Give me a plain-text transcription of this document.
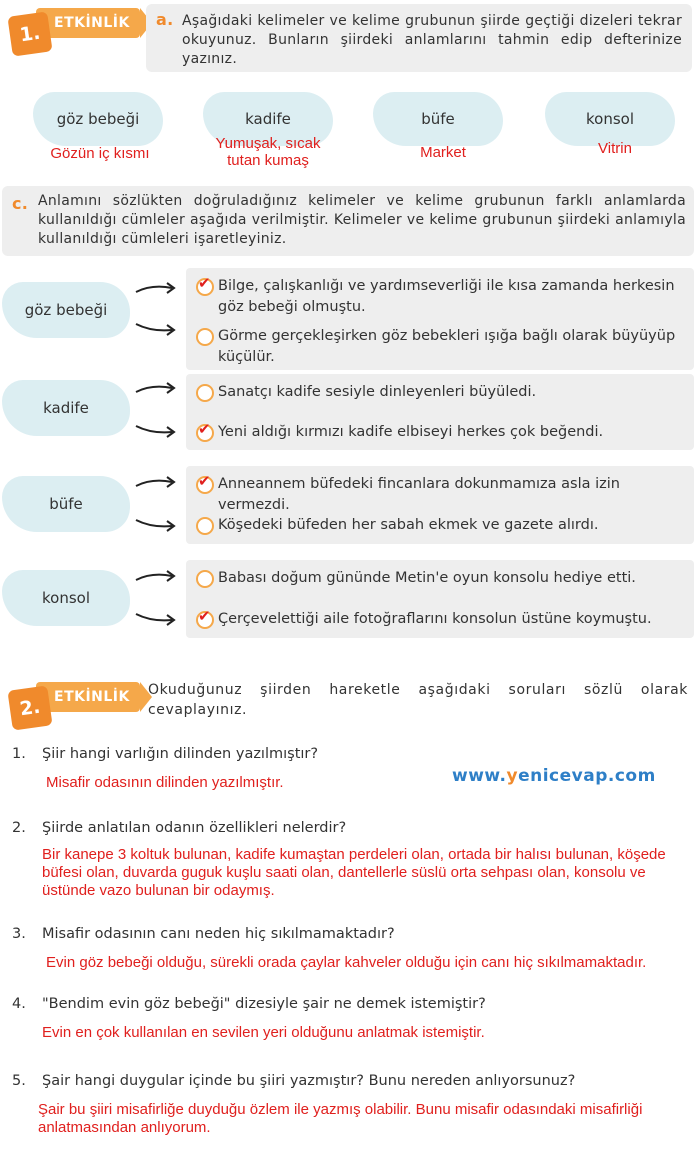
ETKİNLİK
1.
a. Aşağıdaki kelimeler ve kelime grubunun şiirde geçtiği dizeleri tekrar okuyunuz. Bunların şiirdeki anlamlarını tahmin edip defterinize yazınız.
göz bebeği
Gözün iç kısmı
kadife
Yumuşak, sıcak tutan kumaş
büfe
Market
konsol
Vitrin
c. Anlamını sözlükten doğruladığınız kelimeler ve kelime grubunun farklı anlamlarda kullanıldığı cümleler aşağıda verilmiştir. Kelimeler ve kelime grubunun şiirdeki anlamıyla kullanıldığı cümleleri işaretleyiniz.
göz bebeği
✔ Bilge, çalışkanlığı ve yardımseverliği ile kısa zamanda herkesin göz bebeği olmuştu.
Görme gerçekleşirken göz bebekleri ışığa bağlı olarak büyüyüp küçülür.
kadife
Sanatçı kadife sesiyle dinleyenleri büyüledi.
✔ Yeni aldığı kırmızı kadife elbiseyi herkes çok beğendi.
büfe
✔ Anneannem büfedeki fincanlara dokunmamıza asla izin vermezdi.
Köşedeki büfeden her sabah ekmek ve gazete alırdı.
konsol
Babası doğum gününde Metin'e oyun konsolu hediye etti.
✔ Çerçevelettiği aile fotoğraflarını konsolun üstüne koymuştu.
ETKİNLİK
2.
Okuduğunuz şiirden hareketle aşağıdaki soruları sözlü olarak cevaplayınız.
www.yenicevap.com
1. Şiir hangi varlığın dilinden yazılmıştır?
Misafir odasının dilinden yazılmıştır.
2. Şiirde anlatılan odanın özellikleri nelerdir?
Bir kanepe 3 koltuk bulunan, kadife kumaştan perdeleri olan, ortada bir halısı bulunan, köşede büfesi olan, duvarda guguk kuşlu saati olan, dantellerle süslü orta sehpası olan, konsolu ve üstünde vazo bulunan bir odaymış.
3. Misafir odasının canı neden hiç sıkılmamaktadır?
Evin göz bebeği olduğu, sürekli orada çaylar kahveler olduğu için canı hiç sıkılmamaktadır.
4. "Bendim evin göz bebeği" dizesiyle şair ne demek istemiştir?
Evin en çok kullanılan en sevilen yeri olduğunu anlatmak istemiştir.
5. Şair hangi duygular içinde bu şiiri yazmıştır? Bunu nereden anlıyorsunuz?
Şair bu şiiri misafirliğe duyduğu özlem ile yazmış olabilir. Bunu misafir odasındaki misafirliği anlatmasından anlıyorum.
